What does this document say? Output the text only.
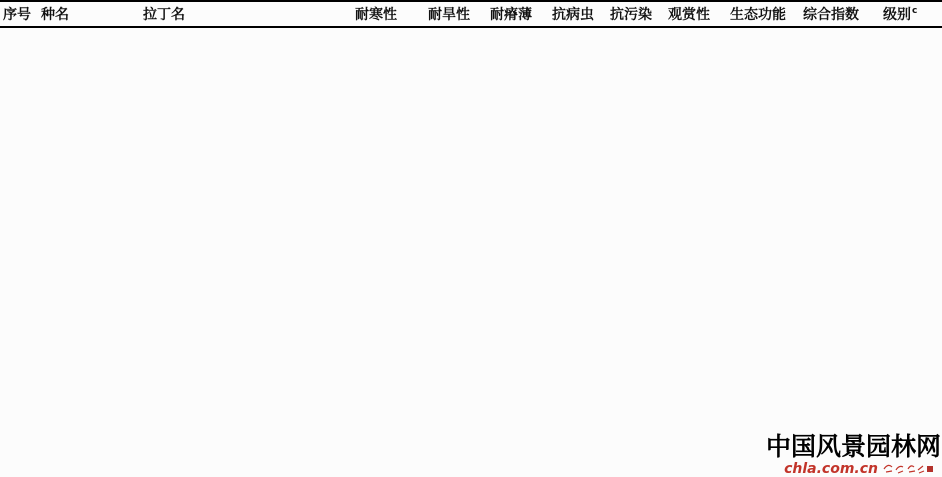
序号	种名	拉丁名	耐寒性	耐旱性	耐瘠薄	抗病虫	抗污染	观赏性	生态功能	综合指数	级别$^c$
中国风景园林网
chla.com.cn
